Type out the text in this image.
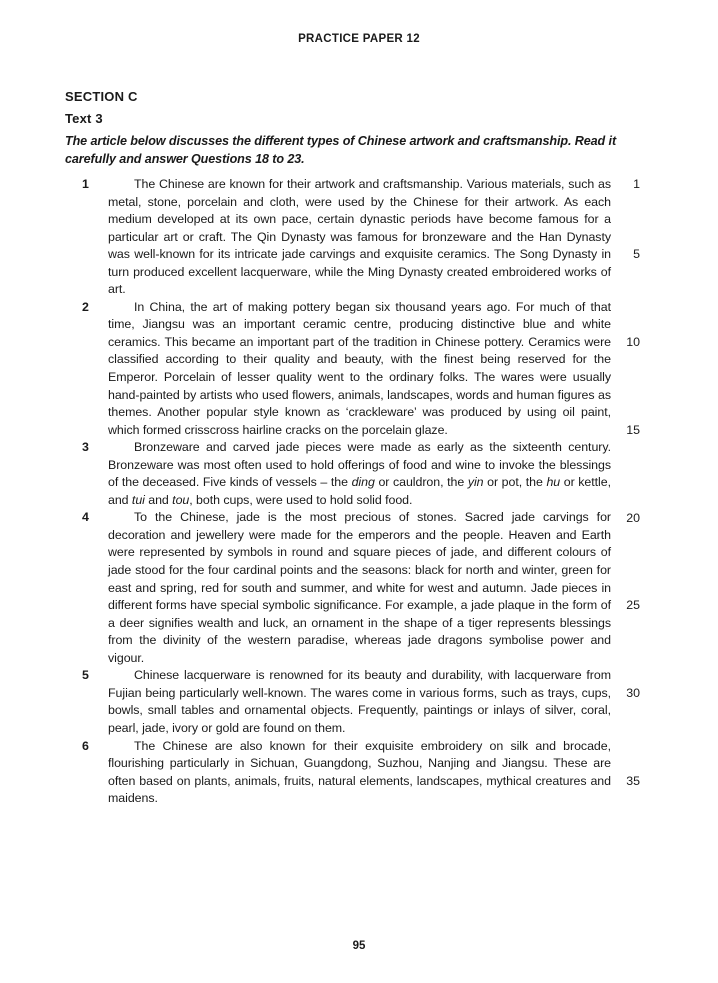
PRACTICE PAPER 12
SECTION C
Text 3
The article below discusses the different types of Chinese artwork and craftsmanship. Read it carefully and answer Questions 18 to 23.
1	The Chinese are known for their artwork and craftsmanship. Various materials, such as metal, stone, porcelain and cloth, were used by the Chinese for their artwork. As each medium developed at its own pace, certain dynastic periods have become famous for a particular art or craft. The Qin Dynasty was famous for bronzeware and the Han Dynasty was well-known for its intricate jade carvings and exquisite ceramics. The Song Dynasty in turn produced excellent lacquerware, while the Ming Dynasty created embroidered works of art.
2	In China, the art of making pottery began six thousand years ago. For much of that time, Jiangsu was an important ceramic centre, producing distinctive blue and white ceramics. This became an important part of the tradition in Chinese pottery. Ceramics were classified according to their quality and beauty, with the finest being reserved for the Emperor. Porcelain of lesser quality went to the ordinary folks. The wares were usually hand-painted by artists who used flowers, animals, landscapes, words and human figures as themes. Another popular style known as ‘crackleware’ was produced by using oil paint, which formed crisscross hairline cracks on the porcelain glaze.
3	Bronzeware and carved jade pieces were made as early as the sixteenth century. Bronzeware was most often used to hold offerings of food and wine to invoke the blessings of the deceased. Five kinds of vessels – the ding or cauldron, the yin or pot, the hu or kettle, and tui and tou, both cups, were used to hold solid food.
4	To the Chinese, jade is the most precious of stones. Sacred jade carvings for decoration and jewellery were made for the emperors and the people. Heaven and Earth were represented by symbols in round and square pieces of jade, and different colours of jade stood for the four cardinal points and the seasons: black for north and winter, green for east and spring, red for south and summer, and white for west and autumn. Jade pieces in different forms have special symbolic significance. For example, a jade plaque in the form of a deer signifies wealth and luck, an ornament in the shape of a tiger represents blessings from the divinity of the western paradise, whereas jade dragons symbolise power and vigour.
5	Chinese lacquerware is renowned for its beauty and durability, with lacquerware from Fujian being particularly well-known. The wares come in various forms, such as trays, cups, bowls, small tables and ornamental objects. Frequently, paintings or inlays of silver, coral, pearl, jade, ivory or gold are found on them.
6	The Chinese are also known for their exquisite embroidery on silk and brocade, flourishing particularly in Sichuan, Guangdong, Suzhou, Nanjing and Jiangsu. These are often based on plants, animals, fruits, natural elements, landscapes, mythical creatures and maidens.
1
5
10
15
20
25
30
35
95
